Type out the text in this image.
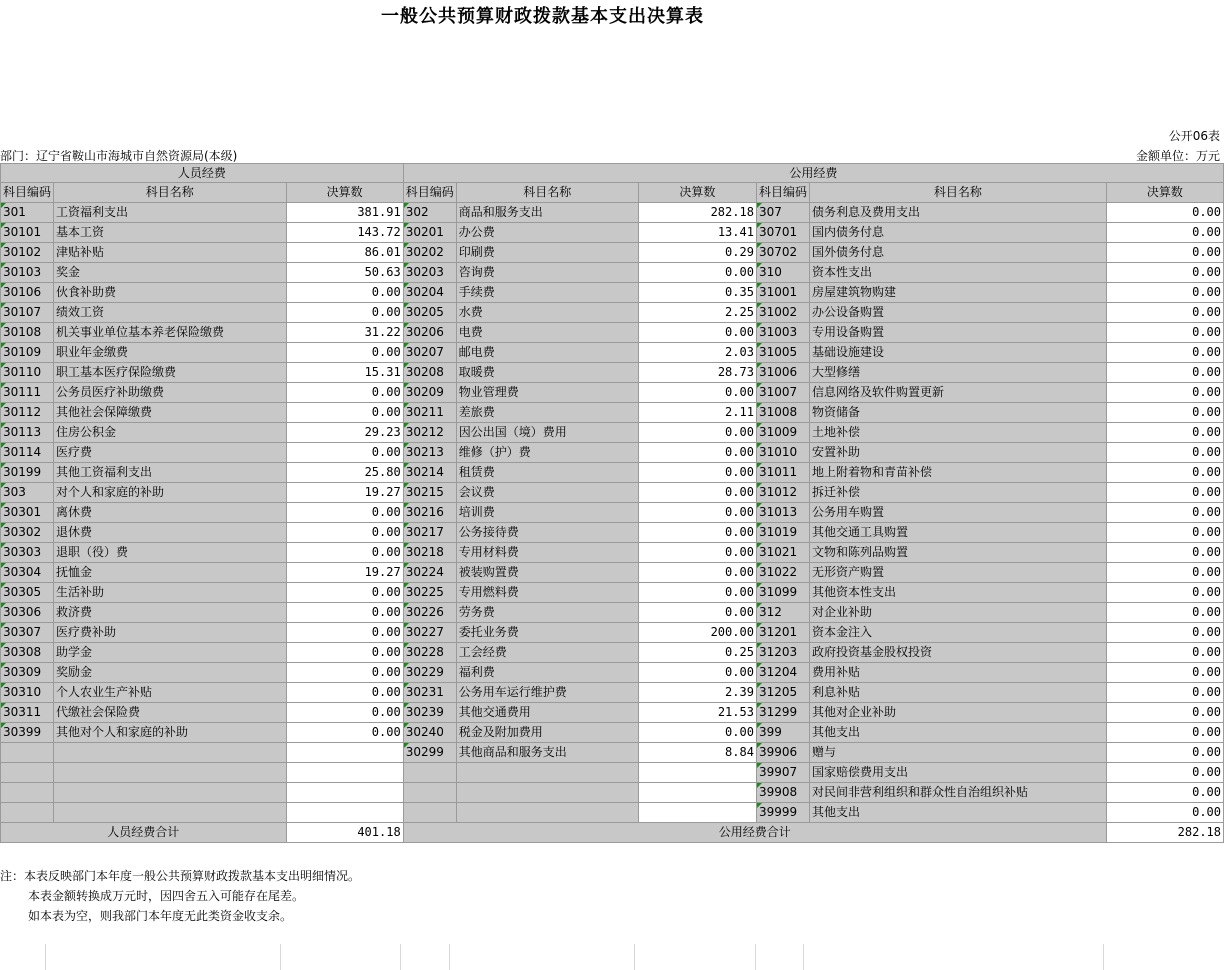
一般公共预算财政拨款基本支出决算表
公开06表
部门：辽宁省鞍山市海城市自然资源局(本级)	金额单位：万元
人员经费			公用经费					
科目编码	科目名称	决算数	科目编码	科目名称	决算数	科目编码	科目名称	决算数
301	工资福利支出	381.91	302	商品和服务支出	282.18	307	债务利息及费用支出	0.00
30101	基本工资	143.72	30201	办公费	13.41	30701	国内债务付息	0.00
30102	津贴补贴	86.01	30202	印刷费	0.29	30702	国外债务付息	0.00
30103	奖金	50.63	30203	咨询费	0.00	310	资本性支出	0.00
30106	伙食补助费	0.00	30204	手续费	0.35	31001	房屋建筑物购建	0.00
30107	绩效工资	0.00	30205	水费	2.25	31002	办公设备购置	0.00
30108	机关事业单位基本养老保险缴费	31.22	30206	电费	0.00	31003	专用设备购置	0.00
30109	职业年金缴费	0.00	30207	邮电费	2.03	31005	基础设施建设	0.00
30110	职工基本医疗保险缴费	15.31	30208	取暖费	28.73	31006	大型修缮	0.00
30111	公务员医疗补助缴费	0.00	30209	物业管理费	0.00	31007	信息网络及软件购置更新	0.00
30112	其他社会保障缴费	0.00	30211	差旅费	2.11	31008	物资储备	0.00
30113	住房公积金	29.23	30212	因公出国（境）费用	0.00	31009	土地补偿	0.00
30114	医疗费	0.00	30213	维修（护）费	0.00	31010	安置补助	0.00
30199	其他工资福利支出	25.80	30214	租赁费	0.00	31011	地上附着物和青苗补偿	0.00
303	对个人和家庭的补助	19.27	30215	会议费	0.00	31012	拆迁补偿	0.00
30301	离休费	0.00	30216	培训费	0.00	31013	公务用车购置	0.00
30302	退休费	0.00	30217	公务接待费	0.00	31019	其他交通工具购置	0.00
30303	退职（役）费	0.00	30218	专用材料费	0.00	31021	文物和陈列品购置	0.00
30304	抚恤金	19.27	30224	被装购置费	0.00	31022	无形资产购置	0.00
30305	生活补助	0.00	30225	专用燃料费	0.00	31099	其他资本性支出	0.00
30306	救济费	0.00	30226	劳务费	0.00	312	对企业补助	0.00
30307	医疗费补助	0.00	30227	委托业务费	200.00	31201	资本金注入	0.00
30308	助学金	0.00	30228	工会经费	0.25	31203	政府投资基金股权投资	0.00
30309	奖励金	0.00	30229	福利费	0.00	31204	费用补贴	0.00
30310	个人农业生产补贴	0.00	30231	公务用车运行维护费	2.39	31205	利息补贴	0.00
30311	代缴社会保险费	0.00	30239	其他交通费用	21.53	31299	其他对企业补助	0.00
30399	其他对个人和家庭的补助	0.00	30240	税金及附加费用	0.00	399	其他支出	0.00
			30299	其他商品和服务支出	8.84	39906	赠与	0.00
						39907	国家赔偿费用支出	0.00
						39908	对民间非营利组织和群众性自治组织补贴	0.00
						39999	其他支出	0.00
人员经费合计		401.18	公用经费合计					282.18
注：本表反映部门本年度一般公共预算财政拨款基本支出明细情况。
本表金额转换成万元时，因四舍五入可能存在尾差。
如本表为空，则我部门本年度无此类资金收支余。
